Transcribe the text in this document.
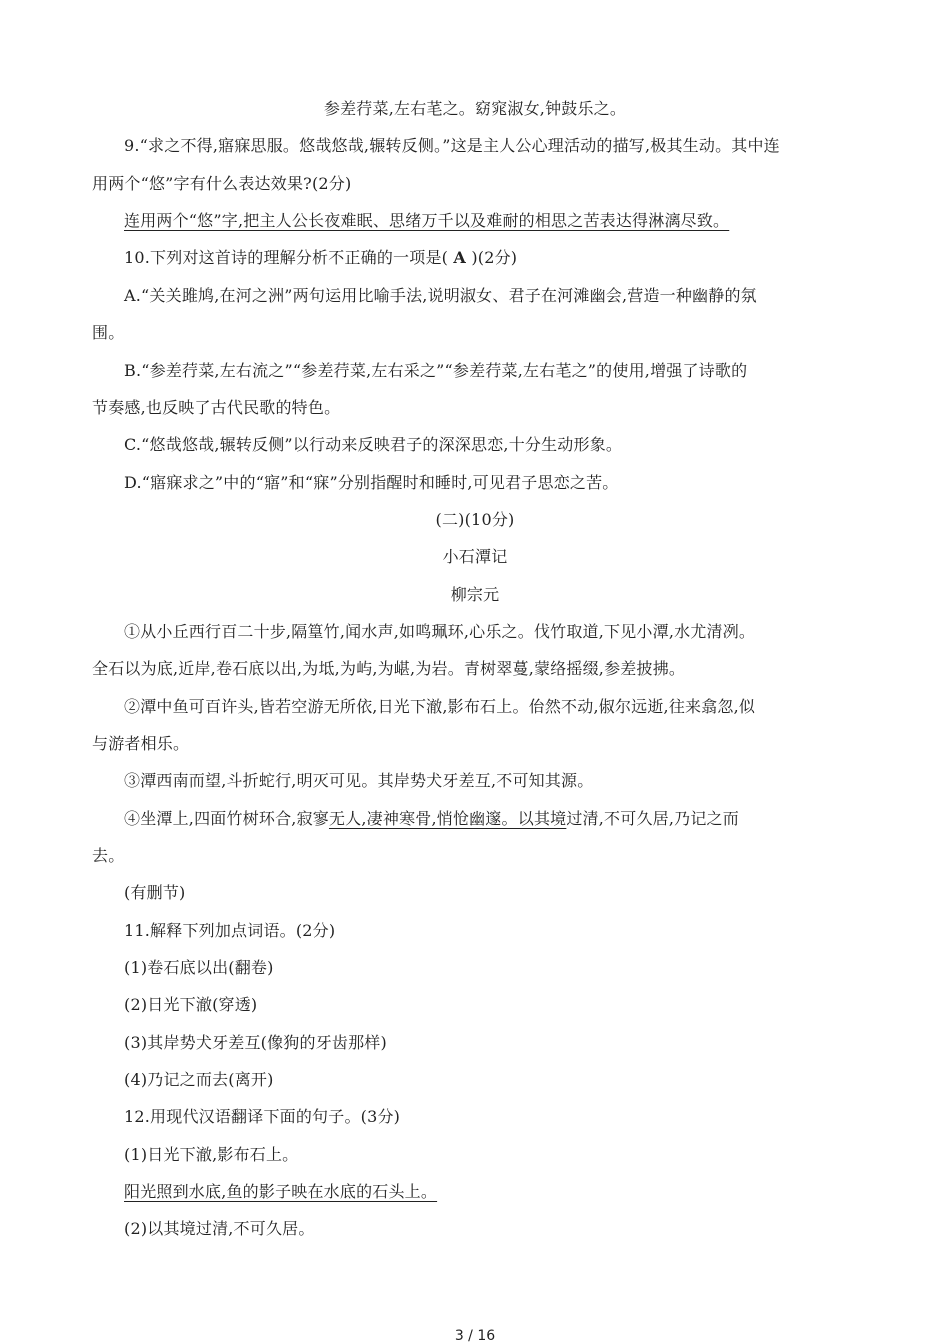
参差荇菜,左右芼之。窈窕淑女,钟鼓乐之。
9.“求之不得,寤寐思服。悠哉悠哉,辗转反侧。”这是主人公心理活动的描写,极其生动。其中连
用两个“悠”字有什么表达效果?(2分)
连用两个“悠”字,把主人公长夜难眠、思绪万千以及难耐的相思之苦表达得淋漓尽致。 
10.下列对这首诗的理解分析不正确的一项是( A )(2分)
A.“关关雎鸠,在河之洲”两句运用比喻手法,说明淑女、君子在河滩幽会,营造一种幽静的氛
围。
B.“参差荇菜,左右流之”“参差荇菜,左右采之”“参差荇菜,左右芼之”的使用,增强了诗歌的
节奏感,也反映了古代民歌的特色。
C.“悠哉悠哉,辗转反侧”以行动来反映君子的深深思恋,十分生动形象。
D.“寤寐求之”中的“寤”和“寐”分别指醒时和睡时,可见君子思恋之苦。
(二)(10分)
小石潭记
柳宗元
①从小丘西行百二十步,隔篁竹,闻水声,如鸣珮环,心乐之。伐竹取道,下见小潭,水尤清冽。
全石以为底,近岸,卷石底以出,为坻,为屿,为嵁,为岩。青树翠蔓,蒙络摇缀,参差披拂。
②潭中鱼可百许头,皆若空游无所依,日光下澈,影布石上。佁然不动,俶尔远逝,往来翕忽,似
与游者相乐。
③潭西南而望,斗折蛇行,明灭可见。其岸势犬牙差互,不可知其源。
④坐潭上,四面竹树环合,寂寥无人,凄神寒骨,悄怆幽邃。以其境过清,不可久居,乃记之而
去。
(有删节)
11.解释下列加点词语。(2分)
(1)卷石底以出(翻卷)
(2)日光下澈(穿透)
(3)其岸势犬牙差互(像狗的牙齿那样)
(4)乃记之而去(离开)
12.用现代汉语翻译下面的句子。(3分)
(1)日光下澈,影布石上。
阳光照到水底,鱼的影子映在水底的石头上。
(2)以其境过清,不可久居。
3 / 16
